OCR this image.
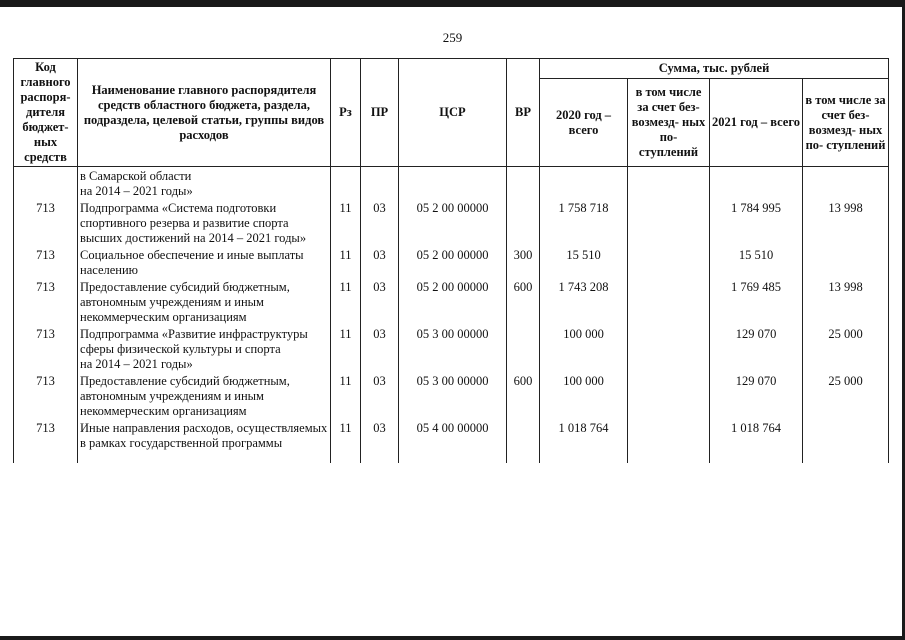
259
Код главного распоря- дителя бюджет- ных средств	Наименование главного распорядителя средств областного бюджета, раздела, подраздела, целевой статьи, группы видов расходов	Рз	ПР	ЦСР	ВР	Сумма, тыс. рублей			
						2020 год – всего	в том числе за счет без- возмезд- ных по- ступлений	2021 год – всего	в том числе за счет без- возмезд- ных по- ступлений
	в Самарской области
на 2014 – 2021 годы»								
713	Подпрограмма «Система подготовки спортивного резерва и развитие спорта высших достижений на 2014 – 2021 годы»	11	03	05 2 00 00000		1 758 718		1 784 995	13 998
713	Социальное обеспечение и иные выплаты населению	11	03	05 2 00 00000	300	15 510		15 510	
713	Предоставление субсидий бюджетным, автономным учреждениям и иным некоммерческим организациям	11	03	05 2 00 00000	600	1 743 208		1 769 485	13 998
713	Подпрограмма «Развитие инфраструктуры сферы физической культуры и спорта
на 2014 – 2021 годы»	11	03	05 3 00 00000		100 000		129 070	25 000
713	Предоставление субсидий бюджетным, автономным учреждениям и иным некоммерческим организациям	11	03	05 3 00 00000	600	100 000		129 070	25 000
713	Иные направления расходов, осуществляемых в рамках государственной программы	11	03	05 4 00 00000		1 018 764		1 018 764	
